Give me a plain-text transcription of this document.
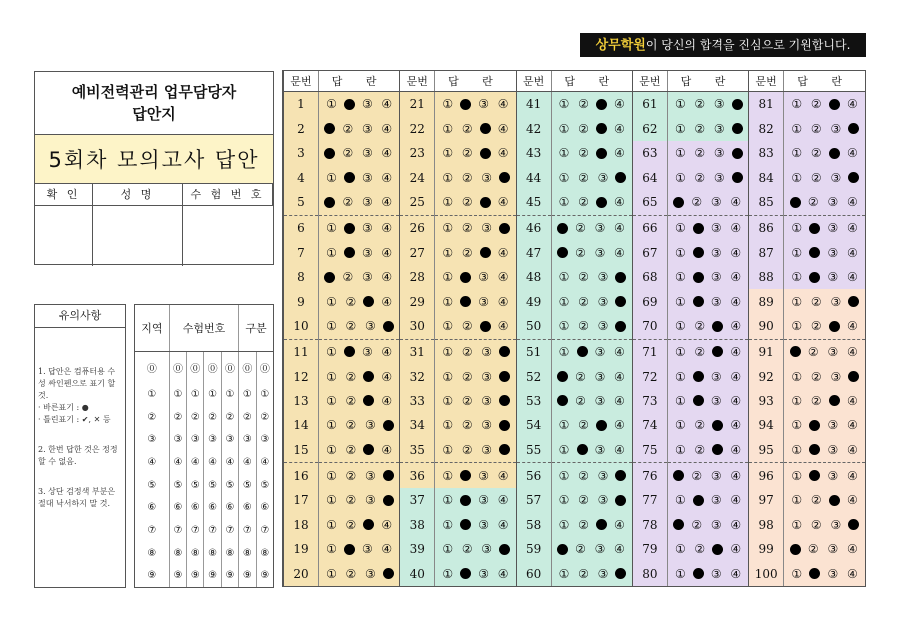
상무학원이 당신의 합격을 진심으로 기원합니다.
예비전력관리 업무담당자
답안지
5회차 모의고사 답안
확 인	성 명	수 험 번 호
유의사항

1. 답안은 컴퓨터용 수성 싸인펜으로 표기 할 것.

· 바른표기 : ●

· 틀린표기 : ✔, ✕ 등

2. 한번 답한 것은 정정할 수 없음.

3. 상단 검정색 부분은 절대 낙서하지 말 것.

지역	수험번호				구분	
⓪	⓪	⓪	⓪	⓪	⓪	⓪
①	①	①	①	①	①	①
②	②	②	②	②	②	②
③	③	③	③	③	③	③
④	④	④	④	④	④	④
⑤	⑤	⑤	⑤	⑤	⑤	⑤
⑥	⑥	⑥	⑥	⑥	⑥	⑥
⑦	⑦	⑦	⑦	⑦	⑦	⑦
⑧	⑧	⑧	⑧	⑧	⑧	⑧
⑨	⑨	⑨	⑨	⑨	⑨	⑨
문번	답 란	문번	답 란	문번	답 란	문번	답 란	문번	답 란
1	① ③ ④	21	① ③ ④	41	① ② ④	61	① ② ③	81	① ② ④

2	② ③ ④	22	① ② ④	42	① ② ④	62	① ② ③	82	① ② ③

3	② ③ ④	23	① ② ④	43	① ② ④	63	① ② ③	83	① ② ④

4	① ③ ④	24	① ② ③	44	① ② ③	64	① ② ③	84	① ② ③

5	② ③ ④	25	① ② ④	45	① ② ④	65	② ③ ④	85	② ③ ④

6	① ③ ④	26	① ② ③	46	② ③ ④	66	① ③ ④	86	① ③ ④

7	① ③ ④	27	① ② ④	47	② ③ ④	67	① ③ ④	87	① ③ ④

8	② ③ ④	28	① ③ ④	48	① ② ③	68	① ③ ④	88	① ③ ④

9	① ② ④	29	① ③ ④	49	① ② ③	69	① ③ ④	89	① ② ③

10	① ② ③	30	① ② ④	50	① ② ③	70	① ② ④	90	① ② ④

11	① ③ ④	31	① ② ③	51	① ③ ④	71	① ② ④	91	② ③ ④

12	① ② ④	32	① ② ③	52	② ③ ④	72	① ③ ④	92	① ② ③

13	① ② ④	33	① ② ③	53	② ③ ④	73	① ③ ④	93	① ② ④

14	① ② ③	34	① ② ③	54	① ② ④	74	① ② ④	94	① ③ ④

15	① ② ④	35	① ② ③	55	① ③ ④	75	① ② ④	95	① ③ ④

16	① ② ③	36	① ③ ④	56	① ② ③	76	② ③ ④	96	① ③ ④

17	① ② ③	37	① ③ ④	57	① ② ③	77	① ③ ④	97	① ② ④

18	① ② ④	38	① ③ ④	58	① ② ④	78	② ③ ④	98	① ② ③

19	① ③ ④	39	① ② ③	59	② ③ ④	79	① ② ④	99	② ③ ④

20	① ② ③	40	① ③ ④	60	① ② ③	80	① ③ ④	100	① ③ ④
